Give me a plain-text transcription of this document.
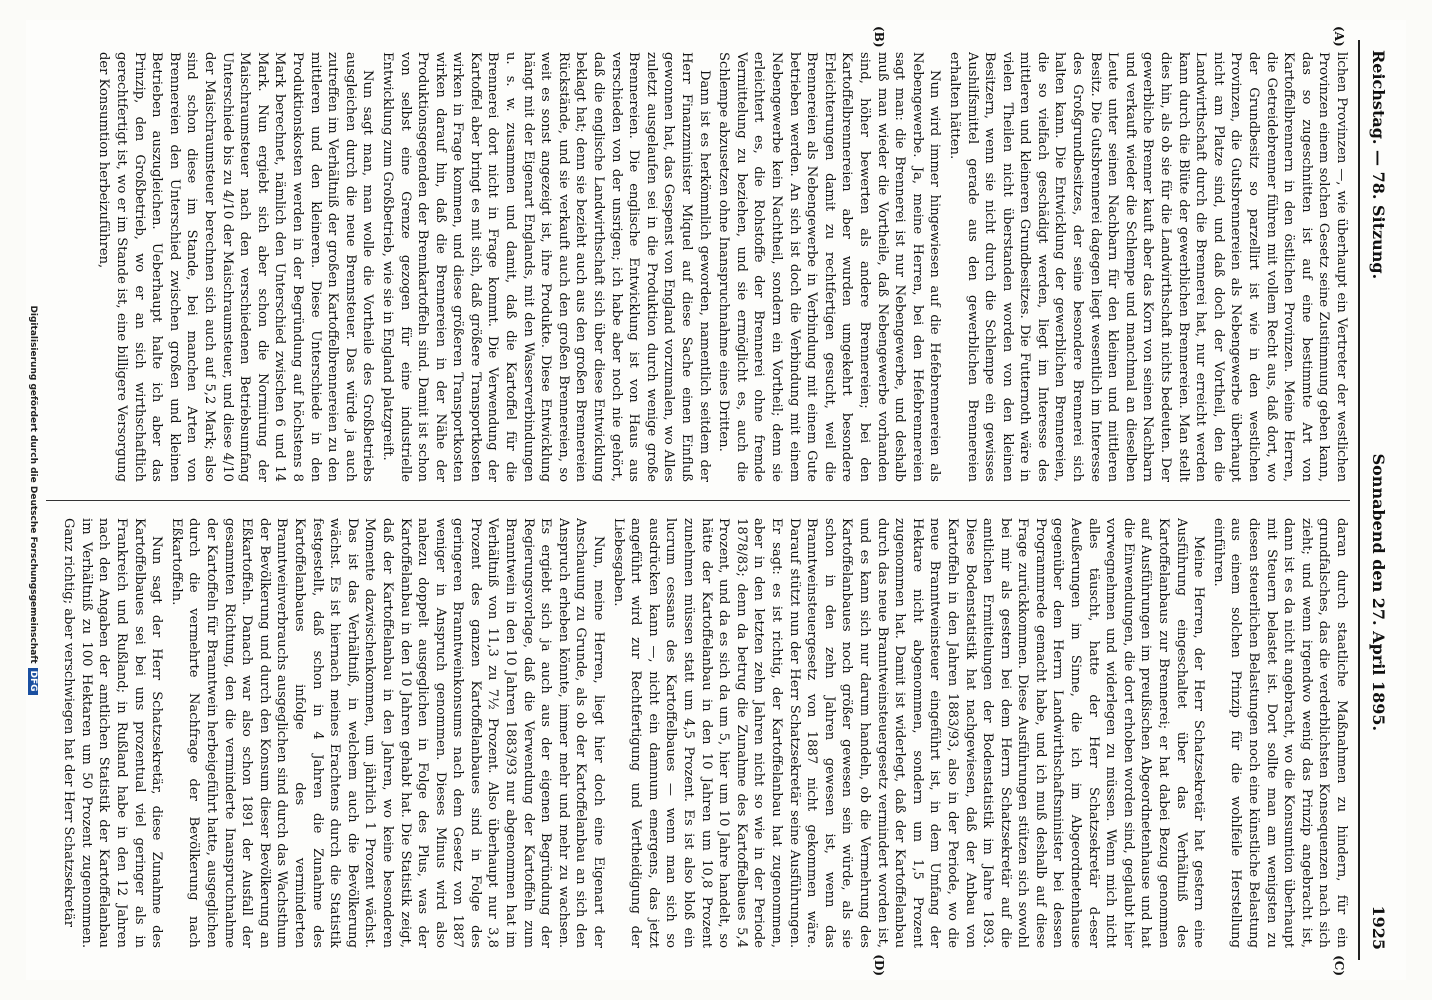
Reichstag. — 78. Sitzung.
Sonnabend den 27. April 1895.
1925
(A)
(B)
(C)
(D)

lichen Provinzen —, wie überhaupt ein Vertreter der westlichen Provinzen einem solchen Gesetz seine Zustimmung geben kann, das so zugeschnitten ist auf eine bestimmte Art von Kartoffelbrennern in den östlichen Provinzen. Meine Herren, die Getreidebrenner führen mit vollem Recht aus, daß dort, wo der Grundbesitz so parzellirt ist wie in den westlichen Provinzen, die Gutsbrennereien als Nebengewerbe überhaupt nicht am Platze sind, und daß doch der Vortheil, den die Landwirthschaft durch die Brennerei hat, nur erreicht werden kann durch die Blüte der gewerblichen Brennereien. Man stellt dies hin, als ob sie für die Landwirthschaft nichts bedeuten. Der gewerbliche Brenner kauft aber das Korn von seinen Nachbarn und verkauft wieder die Schlempe und manchmal an dieselben Leute unter seinen Nachbarn für den kleinen und mittleren Besitz. Die Gutsbrennerei dagegen liegt wesentlich im Interesse des Großgrundbesitzes, der seine besondere Brennerei sich halten kann. Die Entwicklung der gewerblichen Brennereien, die so vielfach geschädigt werden, liegt im Interesse des mittleren und kleineren Grundbesitzes. Die Futternoth wäre in vielen Theilen nicht überstanden worden von den kleinen Besitzern, wenn sie nicht durch die Schlempe ein gewisses Aushilfsmittel gerade aus den gewerblichen Brennereien erhalten hätten.

Nun wird immer hingewiesen auf die Hefebrennereien als Nebengewerbe. Ja, meine Herren, bei den Hefebrennereien sagt man: die Brennerei ist nur Nebengewerbe, und deshalb muß man wieder die Vortheile, daß Nebengewerbe vorhanden sind, höher bewerten als andere Brennereien; bei den Kartoffelbrennereien aber wurden umgekehrt besondere Erleichterungen damit zu rechtfertigen gesucht, weil die Brennereien als Nebengewerbe in Verbindung mit einem Gute betrieben werden. An sich ist doch die Verbindung mit einem Nebengewerbe kein Nachtheil, sondern ein Vortheil; denn sie erleichtert es, die Rohstoffe der Brennerei ohne fremde Vermittelung zu beziehen, und sie ermöglicht es, auch die Schlempe abzusetzen ohne Inanspruchnahme eines Dritten.

Dann ist es herkömmlich geworden, namentlich seitdem der Herr Finanzminister Miquel auf diese Sache einen Einfluß gewonnen hat, das Gespenst von England vorzumalen, wo Alles zuletzt ausgelaufen sei in die Produktion durch wenige große Brennereien. Die englische Entwicklung ist von Haus aus verschieden von der unsrigen; ich habe aber noch nie gehört, daß die englische Landwirthschaft sich über diese Entwicklung beklagt hat; denn sie bezieht auch aus den großen Brennereien Rückstände, und sie verkauft auch den großen Brennereien, so weit es sonst angezeigt ist, ihre Produkte. Diese Entwicklung hängt mit der Eigenart Englands, mit den Wasserverbindungen u. s. w. zusammen und damit, daß die Kartoffel für die Brennerei dort nicht in Frage kommt. Die Verwendung der Kartoffel aber bringt es mit sich, daß größere Transportkosten wirken in Frage kommen, und diese größeren Transportkosten wirken darauf hin, daß die Brennereien in der Nähe der Produktionsgegenden der Brennkartoffeln sind. Damit ist schon von selbst eine Grenze gezogen für eine industrielle Entwicklung zum Großbetrieb, wie sie in England platzgreift.

Nun sagt man, man wolle die Vortheile des Großbetriebs ausgleichen durch die neue Brennsteuer. Das würde ja auch zutreffen im Verhältniß der großen Kartoffelbrennereien zu den mittleren und den kleineren. Diese Unterschiede in den Produktionskosten werden in der Begründung auf höchstens 8 Mark berechnet, nämlich den Unterschied zwischen 6 und 14 Mark. Nun ergiebt sich aber schon die Normirung der Maischraumsteuer nach den verschiedenen Betriebsumfang Unterschiede bis zu 4/10 der Maischraumsteuer, und diese 4/10 der Maischraumsteuer berechnen sich auch auf 5,2 Mark; also sind schon diese im Stande, bei manchen Arten von Brennereien den Unterschied zwischen großen und kleinen Betrieben auszugleichen. Ueberhaupt halte ich aber das Prinzip, den Großbetrieb, wo er an sich wirthschaftlich gerechtfertigt ist, wo er im Stande ist, eine billigere Versorgung der Konsumtion herbeizuführen,

daran durch staatliche Maßnahmen zu hindern, für ein grundfalsches, das die verderblichsten Konsequenzen nach sich zieht; und wenn irgendwo wenig das Prinzip angebracht ist, dann ist es da nicht angebracht, wo die Konsumtion überhaupt mit Steuern belastet ist. Dort sollte man am wenigsten zu diesen steuerlichen Belastungen noch eine künstliche Belastung aus einem solchen Prinzip für die wohlfeile Herstellung einführen.

Meine Herren, der Herr Schatzsekretär hat gestern eine Ausführung eingeschaltet über das Verhältniß des Kartoffelanbaus zur Brennerei; er hat dabei Bezug genommen auf Ausführungen im preußischen Abgeordnetenhause und hat die Einwendungen, die dort erhoben worden sind, geglaubt hier vorwegnehmen und widerlegen zu müssen. Wenn mich nicht alles täuscht, hatte der Herr Schatzsekretär d-eser Aeußerungen im Sinne, die ich im Abgeordnetenhause gegenüber dem Herrn Landwirthschaftsminister bei dessen Programmrede gemacht habe, und ich muß deshalb auf diese Frage zurückkommen. Diese Ausführungen stützen sich sowohl bei mir als gestern bei dem Herrn Schatzsekretär auf die amtlichen Ermittelungen der Bodenstatistik im Jahre 1893. Diese Bodenstatistik hat nachgewiesen, daß der Anbau von Kartoffeln in den Jahren 1883/93, also in der Periode, wo die neue Branntweinsteuer eingeführt ist, in dem Umfang der Hektare nicht abgenommen, sondern um 1,5 Prozent zugenommen hat. Damit ist widerlegt, daß der Kartoffelanbau durch das neue Branntweinsteuergesetz vermindert worden ist, und es kann sich nur darum handeln, ob die Vermehrung des Kartoffelanbaues noch größer gewesen sein würde, als sie schon in den zehn Jahren gewesen ist, wenn das Branntweinsteuergesetz von 1887 nicht gekommen wäre. Darauf stützt nun der Herr Schatzsekretär seine Ausführungen. Er sagt: es ist richtig, der Kartoffelanbau hat zugenommen, aber in den letzten zehn Jahren nicht so wie in der Periode 1878/83; denn da betrug die Zunahme des Kartoffelbaues 5,4 Prozent, und da es sich da um 5, hier um 10 Jahre handelt, so hätte der Kartoffelanbau in den 10 Jahren um 10,8 Prozent zunehmen müssen statt um 4,5 Prozent. Es ist also bloß ein lucrum cessans des Kartoffelbaues — wenn man sich so ausdrücken kann —, nicht ein damnum emergens, das jetzt angeführt wird zur Rechtfertigung und Vertheidigung der Liebesgaben.

Nun, meine Herren, liegt hier doch eine Eigenart der Anschauung zu Grunde, als ob der Kartoffelanbau an sich den Anspruch erheben könnte, immer mehr und mehr zu wachsen. Es ergiebt sich ja auch aus der eigenen Begründung der Regierungsvorlage, daß die Verwendung der Kartoffeln zum Branntwein in den 10 Jahren 1883/93 nur abgenommen hat im Verhältniß von 11,3 zu 7½ Prozent. Also überhaupt nur 3,8 Prozent des ganzen Kartoffelanbaues sind in Folge des geringeren Branntweinkonsums nach dem Gesetz von 1887 weniger in Anspruch genommen. Dieses Minus wird also nahezu doppelt ausgeglichen in Folge des Plus, was der Kartoffelanbau in den 10 Jahren gehabt hat. Die Statistik zeigt, daß der Kartoffelanbau in den Jahren, wo keine besonderen Momente dazwischenkommen, um jährlich 1 Prozent wächst. Das ist das Verhältniß, in welchem auch die Bevölkerung wächst. Es ist hiernach meines Erachtens durch die Statistik festgestellt, daß schon in 4 Jahren die Zunahme des Kartoffelanbaues infolge des verminderten Branntweinverbrauchs ausgeglichen sind durch das Wachsthum der Bevölkerung und durch den Konsum dieser Bevölkerung an Eßkartoffeln. Danach war also schon 1891 der Ausfall der gesammten Richtung, den die verminderte Inanspruchnahme der Kartoffeln für Branntwein herbeigeführt hatte, ausgeglichen durch die vermehrte Nachfrage der Bevölkerung nach Eßkartoffeln.

Nun sagt der Herr Schatzsekretär, diese Zunahme des Kartoffelbaues sei bei uns prozentual viel geringer als in Frankreich und Rußland; in Rußland habe in den 12 Jahren nach den Angaben der amtlichen Statistik der Kartoffelanbau im Verhältniß zu 100 Hektaren um 50 Prozent zugenommen. Ganz richtig; aber verschwiegen hat der Herr Schatzsekretär

Digitalisierung gefördert durch die Deutsche ForschungsgemeinschaftDFG
